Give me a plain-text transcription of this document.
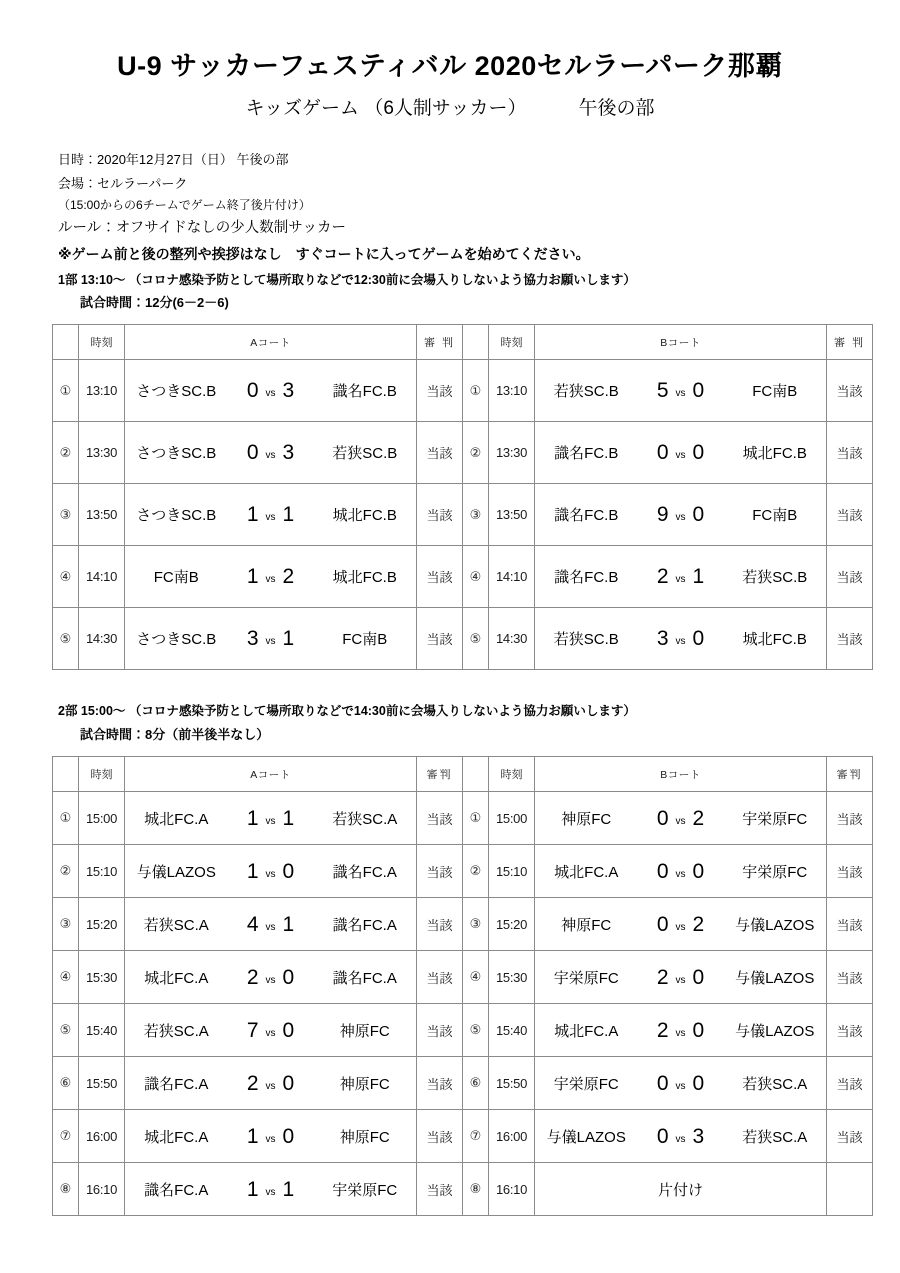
U-9 サッカーフェスティバル 2020セルラーパーク那覇
キッズゲーム （6人制サッカー）	午後の部
日時：2020年12月27日（日） 午後の部
会場：セルラーパーク
（15:00からの6チームでゲーム終了後片付け）
ルール：オフサイドなしの少人数制サッカー
※ゲーム前と後の整列や挨拶はなし　すぐコートに入ってゲームを始めてください。
1部 13:10～ （コロナ感染予防として場所取りなどで12:30前に会場入りしないよう協力お願いします）
試合時間：12分(6－2－6)
	時刻	Aコート	審 判		時刻	Bコート	審 判
①	13:10	さつきSC.B 0 vs 3 識名FC.B	当該	①	13:10	若狭SC.B 5 vs 0 FC南B	当該
②	13:30	さつきSC.B 0 vs 3 若狭SC.B	当該	②	13:30	識名FC.B 0 vs 0 城北FC.B	当該
③	13:50	さつきSC.B 1 vs 1 城北FC.B	当該	③	13:50	識名FC.B 9 vs 0 FC南B	当該
④	14:10	FC南B 1 vs 2 城北FC.B	当該	④	14:10	識名FC.B 2 vs 1 若狭SC.B	当該
⑤	14:30	さつきSC.B 3 vs 1 FC南B	当該	⑤	14:30	若狭SC.B 3 vs 0 城北FC.B	当該
2部 15:00～ （コロナ感染予防として場所取りなどで14:30前に会場入りしないよう協力お願いします）
試合時間：8分（前半後半なし）
	時刻	Aコート	審判		時刻	Bコート	審判
①	15:00	城北FC.A 1 vs 1 若狭SC.A	当該	①	15:00	神原FC 0 vs 2 宇栄原FC	当該
②	15:10	与儀LAZOS 1 vs 0 識名FC.A	当該	②	15:10	城北FC.A 0 vs 0 宇栄原FC	当該
③	15:20	若狭SC.A 4 vs 1 識名FC.A	当該	③	15:20	神原FC 0 vs 2 与儀LAZOS	当該
④	15:30	城北FC.A 2 vs 0 識名FC.A	当該	④	15:30	宇栄原FC 2 vs 0 与儀LAZOS	当該
⑤	15:40	若狭SC.A 7 vs 0 神原FC	当該	⑤	15:40	城北FC.A 2 vs 0 与儀LAZOS	当該
⑥	15:50	識名FC.A 2 vs 0 神原FC	当該	⑥	15:50	宇栄原FC 0 vs 0 若狭SC.A	当該
⑦	16:00	城北FC.A 1 vs 0 神原FC	当該	⑦	16:00	与儀LAZOS 0 vs 3 若狭SC.A	当該
⑧	16:10	識名FC.A 1 vs 1 宇栄原FC	当該	⑧	16:10	片付け	
